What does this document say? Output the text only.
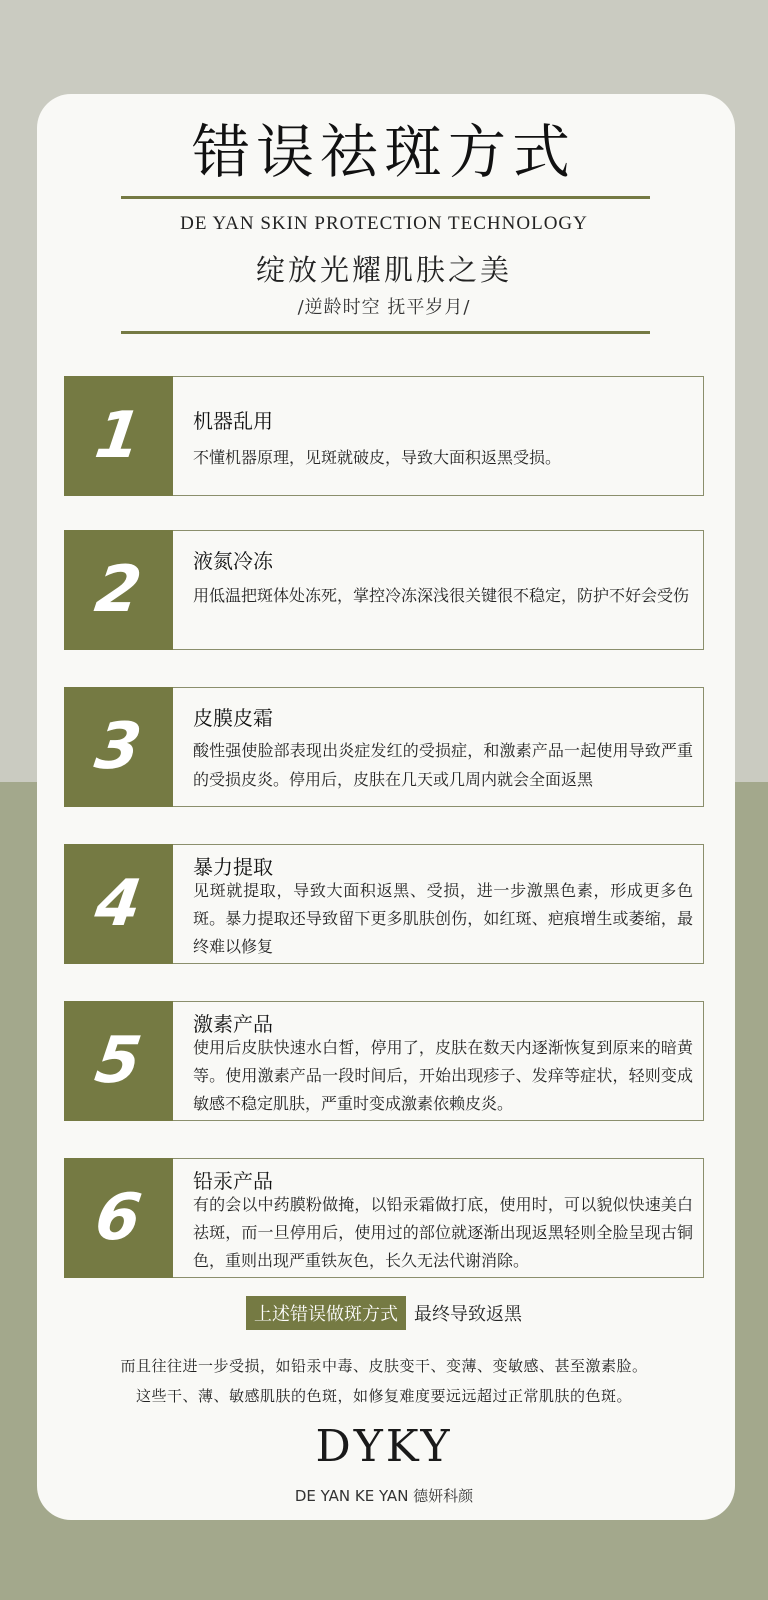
错误祛斑方式
DE YAN SKIN PROTECTION TECHNOLOGY
绽放光耀肌肤之美
/逆龄时空 抚平岁月/
1 机器乱用
不懂机器原理，见斑就破皮，导致大面积返黑受损。
2 液氮冷冻
用低温把斑体处冻死，掌控冷冻深浅很关键很不稳定，防护不好会受伤
3 皮膜皮霜
酸性强使脸部表现出炎症发红的受损症，和激素产品一起使用导致严重的受损皮炎。停用后，皮肤在几天或几周内就会全面返黑
4 暴力提取
见斑就提取，导致大面积返黑、受损，进一步激黑色素，形成更多色斑。暴力提取还导致留下更多肌肤创伤，如红斑、疤痕增生或萎缩，最终难以修复
5 激素产品
使用后皮肤快速水白皙，停用了，皮肤在数天内逐渐恢复到原来的暗黄等。使用激素产品一段时间后，开始出现疹子、发痒等症状，轻则变成敏感不稳定肌肤，严重时变成激素依赖皮炎。
6 铅汞产品
有的会以中药膜粉做掩，以铅汞霜做打底，使用时，可以貌似快速美白祛斑，而一旦停用后，使用过的部位就逐渐出现返黑轻则全脸呈现古铜色，重则出现严重铁灰色，长久无法代谢消除。
上述错误做斑方式 最终导致返黑
而且往往进一步受损，如铅汞中毒、皮肤变干、变薄、变敏感、甚至激素脸。
这些干、薄、敏感肌肤的色斑，如修复难度要远远超过正常肌肤的色斑。
DYKY
DE YAN KE YAN 德妍科颜
